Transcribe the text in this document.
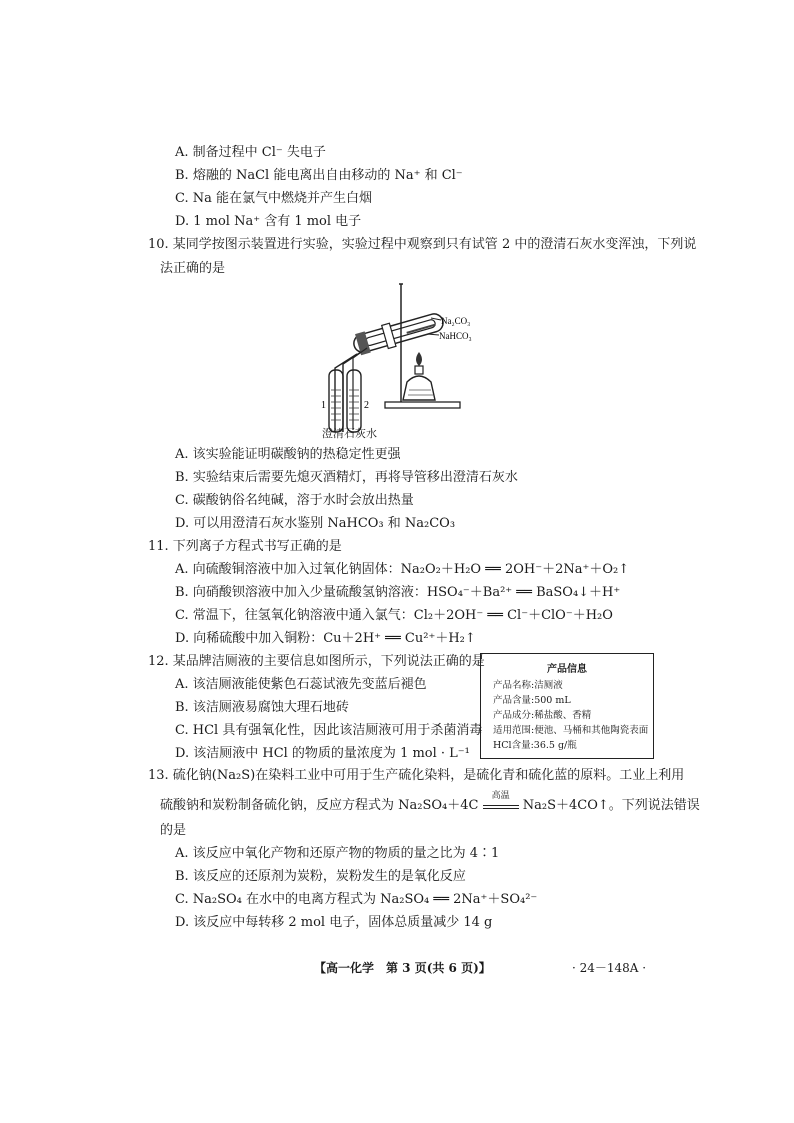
A. 制备过程中 Cl⁻ 失电子
B. 熔融的 NaCl 能电离出自由移动的 Na⁺ 和 Cl⁻
C. Na 能在氯气中燃烧并产生白烟
D. 1 mol Na⁺ 含有 1 mol 电子
10. 某同学按图示装置进行实验，实验过程中观察到只有试管 2 中的澄清石灰水变浑浊，下列说
法正确的是
Na₂CO₃
NaHCO₃
1	2
澄清石灰水
A. 该实验能证明碳酸钠的热稳定性更强
B. 实验结束后需要先熄灭酒精灯，再将导管移出澄清石灰水
C. 碳酸钠俗名纯碱，溶于水时会放出热量
D. 可以用澄清石灰水鉴别 NaHCO₃ 和 Na₂CO₃
11. 下列离子方程式书写正确的是
A. 向硫酸铜溶液中加入过氧化钠固体：Na₂O₂＋H₂O ══ 2OH⁻＋2Na⁺＋O₂↑
B. 向硝酸钡溶液中加入少量硫酸氢钠溶液：HSO₄⁻＋Ba²⁺ ══ BaSO₄↓＋H⁺
C. 常温下，往氢氧化钠溶液中通入氯气：Cl₂＋2OH⁻ ══ Cl⁻＋ClO⁻＋H₂O
D. 向稀硫酸中加入铜粉：Cu＋2H⁺ ══ Cu²⁺＋H₂↑
12. 某品牌洁厕液的主要信息如图所示，下列说法正确的是
A. 该洁厕液能使紫色石蕊试液先变蓝后褪色
B. 该洁厕液易腐蚀大理石地砖
C. HCl 具有强氧化性，因此该洁厕液可用于杀菌消毒
D. 该洁厕液中 HCl 的物质的量浓度为 1 mol · L⁻¹
产品信息
产品名称:洁厕液
产品含量:500 mL
产品成分:稀盐酸、香精
适用范围:便池、马桶和其他陶瓷表面
HCl含量:36.5 g/瓶
13. 硫化钠(Na₂S)在染料工业中可用于生产硫化染料，是硫化青和硫化蓝的原料。工业上利用
硫酸钠和炭粉制备硫化钠，反应方程式为 Na₂SO₄＋4C
高温
Na₂S＋4CO↑。下列说法错误
的是
A. 该反应中氧化产物和还原产物的物质的量之比为 4∶1
B. 该反应的还原剂为炭粉，炭粉发生的是氧化反应
C. Na₂SO₄ 在水中的电离方程式为 Na₂SO₄ ══ 2Na⁺＋SO₄²⁻
D. 该反应中每转移 2 mol 电子，固体总质量减少 14 g
【高一化学　第 3 页(共 6 页)】	· 24－148A ·
